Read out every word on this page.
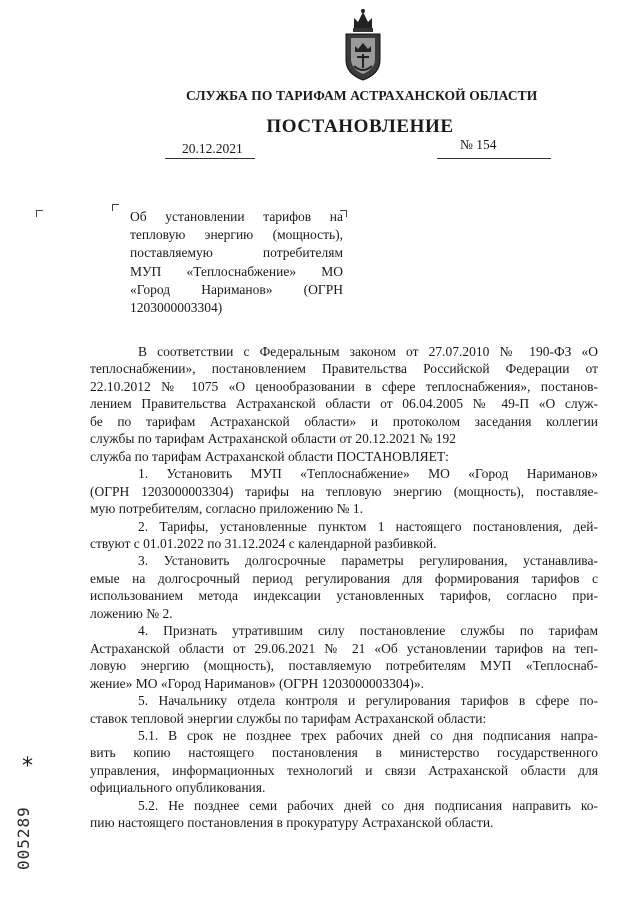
СЛУЖБА ПО ТАРИФАМ АСТРАХАНСКОЙ ОБЛАСТИ
ПОСТАНОВЛЕНИЕ
20.12.2021	№ 154
Об установлении тарифов на
тепловую энергию (мощность),
поставляемую потребителям
МУП «Теплоснабжение» МО
«Город Нариманов» (ОГРН
1203000003304)
В соответствии с Федеральным законом от 27.07.2010 № 190-ФЗ «О
теплоснабжении», постановлением Правительства Российской Федерации от
22.10.2012 № 1075 «О ценообразовании в сфере теплоснабжения», постанов-
лением Правительства Астраханской области от 06.04.2005 № 49-П «О служ-
бе по тарифам Астраханской области» и протоколом заседания коллегии
службы по тарифам Астраханской области от 20.12.2021 № 192
служба по тарифам Астраханской области ПОСТАНОВЛЯЕТ:
1. Установить МУП «Теплоснабжение» МО «Город Нариманов»
(ОГРН 1203000003304) тарифы на тепловую энергию (мощность), поставляе-
мую потребителям, согласно приложению № 1.
2. Тарифы, установленные пунктом 1 настоящего постановления, дей-
ствуют с 01.01.2022 по 31.12.2024 с календарной разбивкой.
3. Установить долгосрочные параметры регулирования, устанавлива-
емые на долгосрочный период регулирования для формирования тарифов с
использованием метода индексации установленных тарифов, согласно при-
ложению № 2.
4. Признать утратившим силу постановление службы по тарифам
Астраханской области от 29.06.2021 № 21 «Об установлении тарифов на теп-
ловую энергию (мощность), поставляемую потребителям МУП «Теплоснаб-
жение» МО «Город Нариманов» (ОГРН 1203000003304)».
5. Начальнику отдела контроля и регулирования тарифов в сфере по-
ставок тепловой энергии службы по тарифам Астраханской области:
5.1. В срок не позднее трех рабочих дней со дня подписания напра-
вить копию настоящего постановления в министерство государственного
управления, информационных технологий и связи Астраханской области для
официального опубликования.
5.2. Не позднее семи рабочих дней со дня подписания направить ко-
пию настоящего постановления в прокуратуру Астраханской области.
*
005289
